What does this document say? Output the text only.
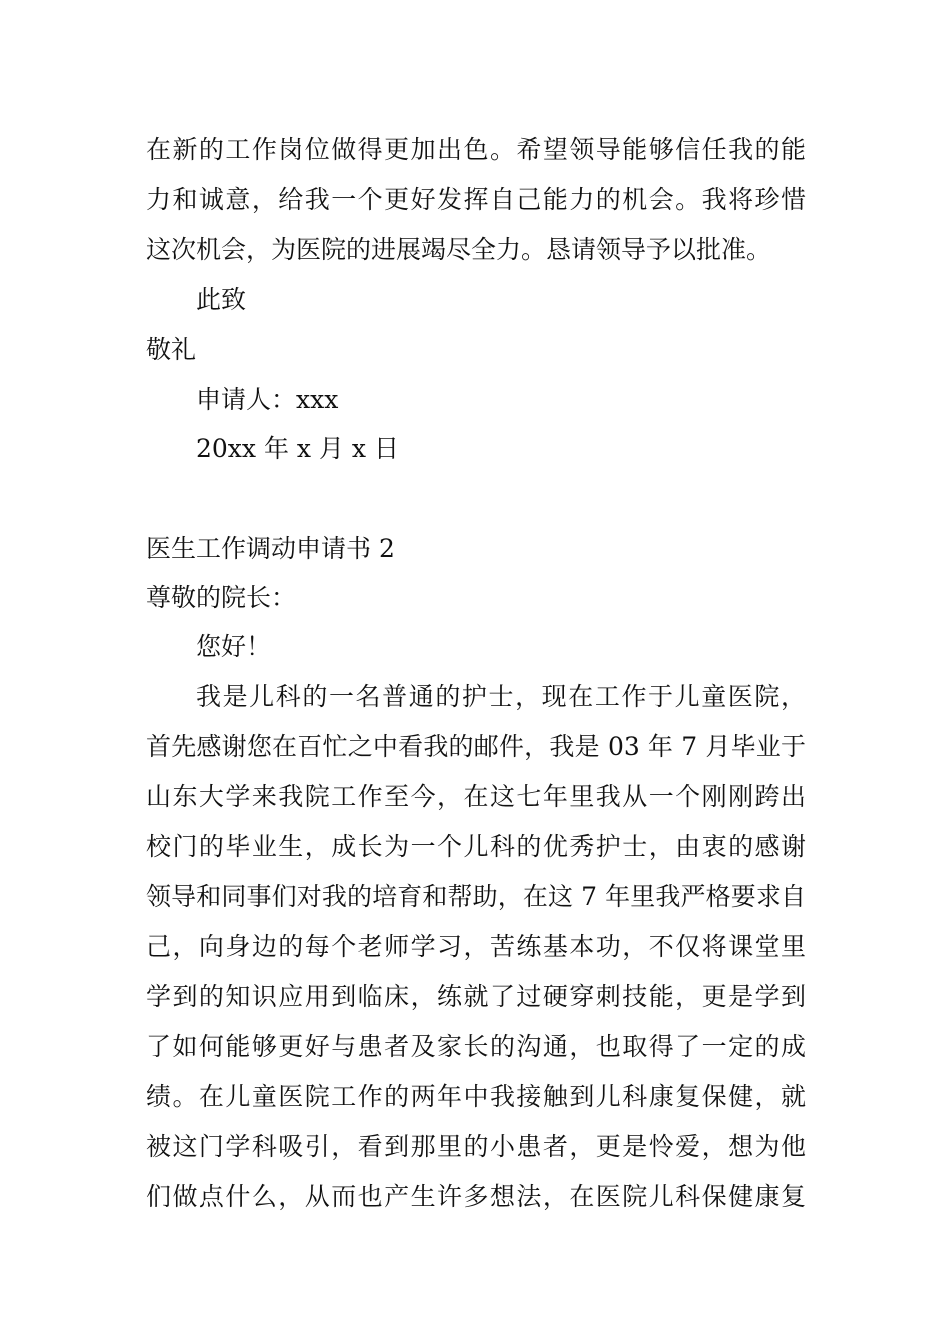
在新的工作岗位做得更加出色。希望领导能够信任我的能
力和诚意，给我一个更好发挥自己能力的机会。我将珍惜
这次机会，为医院的进展竭尽全力。恳请领导予以批准。
此致
敬礼
申请人：xxx
20xx 年 x 月 x 日
医生工作调动申请书 2
尊敬的院长：
您好！
我是儿科的一名普通的护士，现在工作于儿童医院，
首先感谢您在百忙之中看我的邮件，我是 03 年 7 月毕业于
山东大学来我院工作至今，在这七年里我从一个刚刚跨出
校门的毕业生，成长为一个儿科的优秀护士，由衷的感谢
领导和同事们对我的培育和帮助，在这 7 年里我严格要求自
己，向身边的每个老师学习，苦练基本功，不仅将课堂里
学到的知识应用到临床，练就了过硬穿刺技能，更是学到
了如何能够更好与患者及家长的沟通，也取得了一定的成
绩。在儿童医院工作的两年中我接触到儿科康复保健，就
被这门学科吸引，看到那里的小患者，更是怜爱，想为他
们做点什么，从而也产生许多想法，在医院儿科保健康复
